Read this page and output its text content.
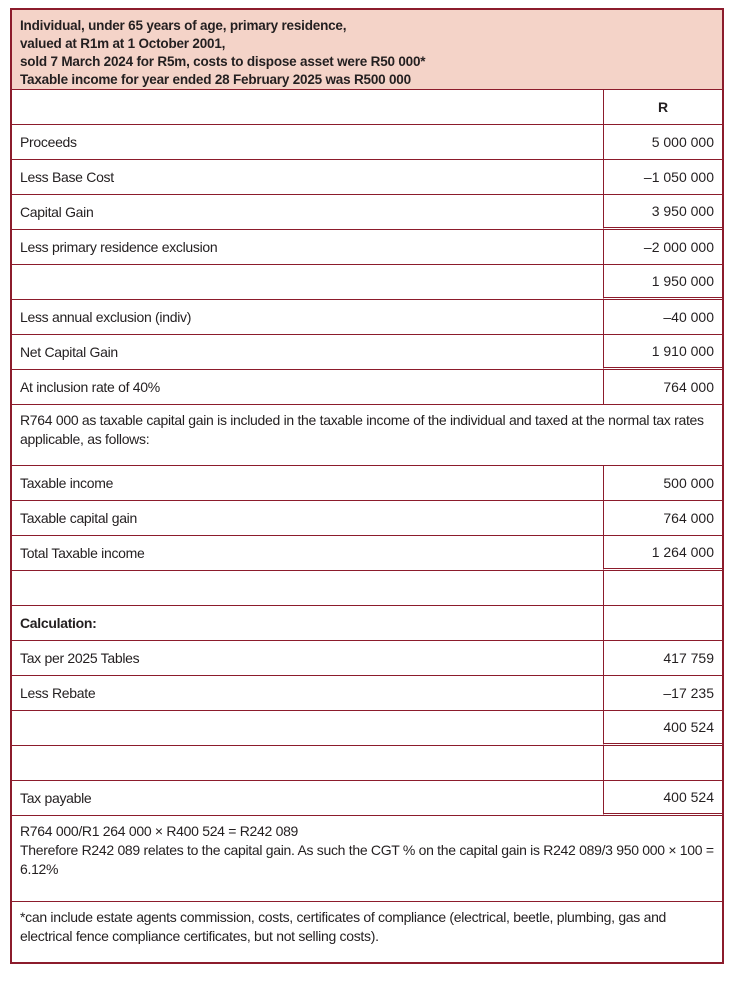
Individual, under 65 years of age, primary residence,
valued at R1m at 1 October 2001,
sold 7 March 2024 for R5m, costs to dispose asset were R50 000*
Taxable income for year ended 28 February 2025 was R500 000
R
Proceeds	5 000 000
Less Base Cost	–1 050 000
Capital Gain	3 950 000
Less primary residence exclusion	–2 000 000
1 950 000
Less annual exclusion (indiv)	–40 000
Net Capital Gain	1 910 000
At inclusion rate of 40%	764 000
R764 000 as taxable capital gain is included in the taxable income of the individual and taxed at the normal tax rates applicable, as follows:
Taxable income	500 000
Taxable capital gain	764 000
Total Taxable income	1 264 000
Calculation:
Tax per 2025 Tables	417 759
Less Rebate	–17 235
400 524
Tax payable	400 524
R764 000/R1 264 000 × R400 524 = R242 089
Therefore R242 089 relates to the capital gain. As such the CGT % on the capital gain is R242 089/3 950 000 × 100 = 6.12%
*can include estate agents commission, costs, certificates of compliance (electrical, beetle, plumbing, gas and electrical fence compliance certificates, but not selling costs).
